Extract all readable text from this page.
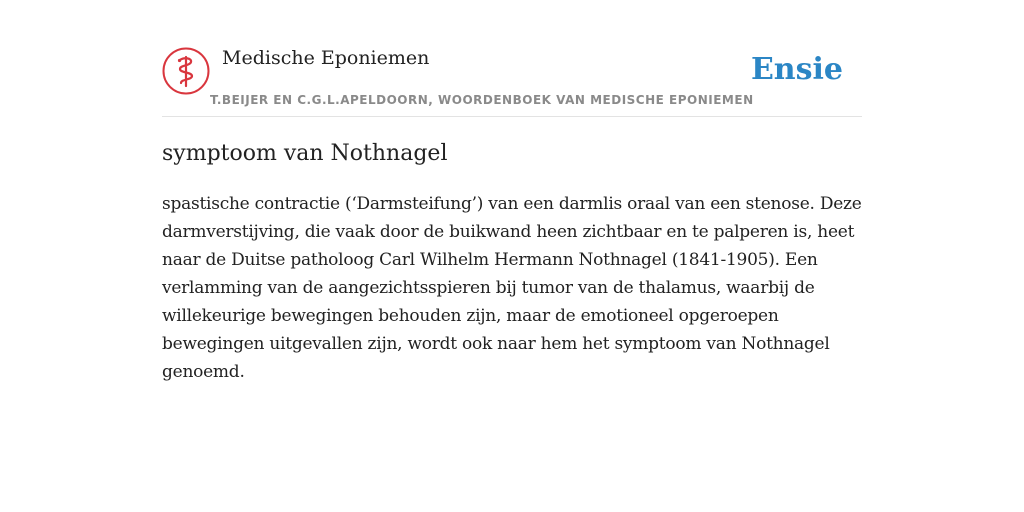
Medische Eponiemen
T.BEIJER EN C.G.L.APELDOORN, WOORDENBOEK VAN MEDISCHE EPONIEMEN
Ensie
symptoom van Nothnagel

spastische contractie (‘Darmsteifung’) van een darmlis oraal van een stenose. Deze darmverstijving, die vaak door de buikwand heen zichtbaar en te palperen is, heet naar de Duitse patholoog Carl Wilhelm Hermann Nothnagel (1841-1905). Een verlamming van de aangezichtsspieren bij tumor van de thalamus, waarbij de willekeurige bewegingen behouden zijn, maar de emotioneel opgeroepen bewegingen uitgevallen zijn, wordt ook naar hem het symptoom van Nothnagel genoemd.
